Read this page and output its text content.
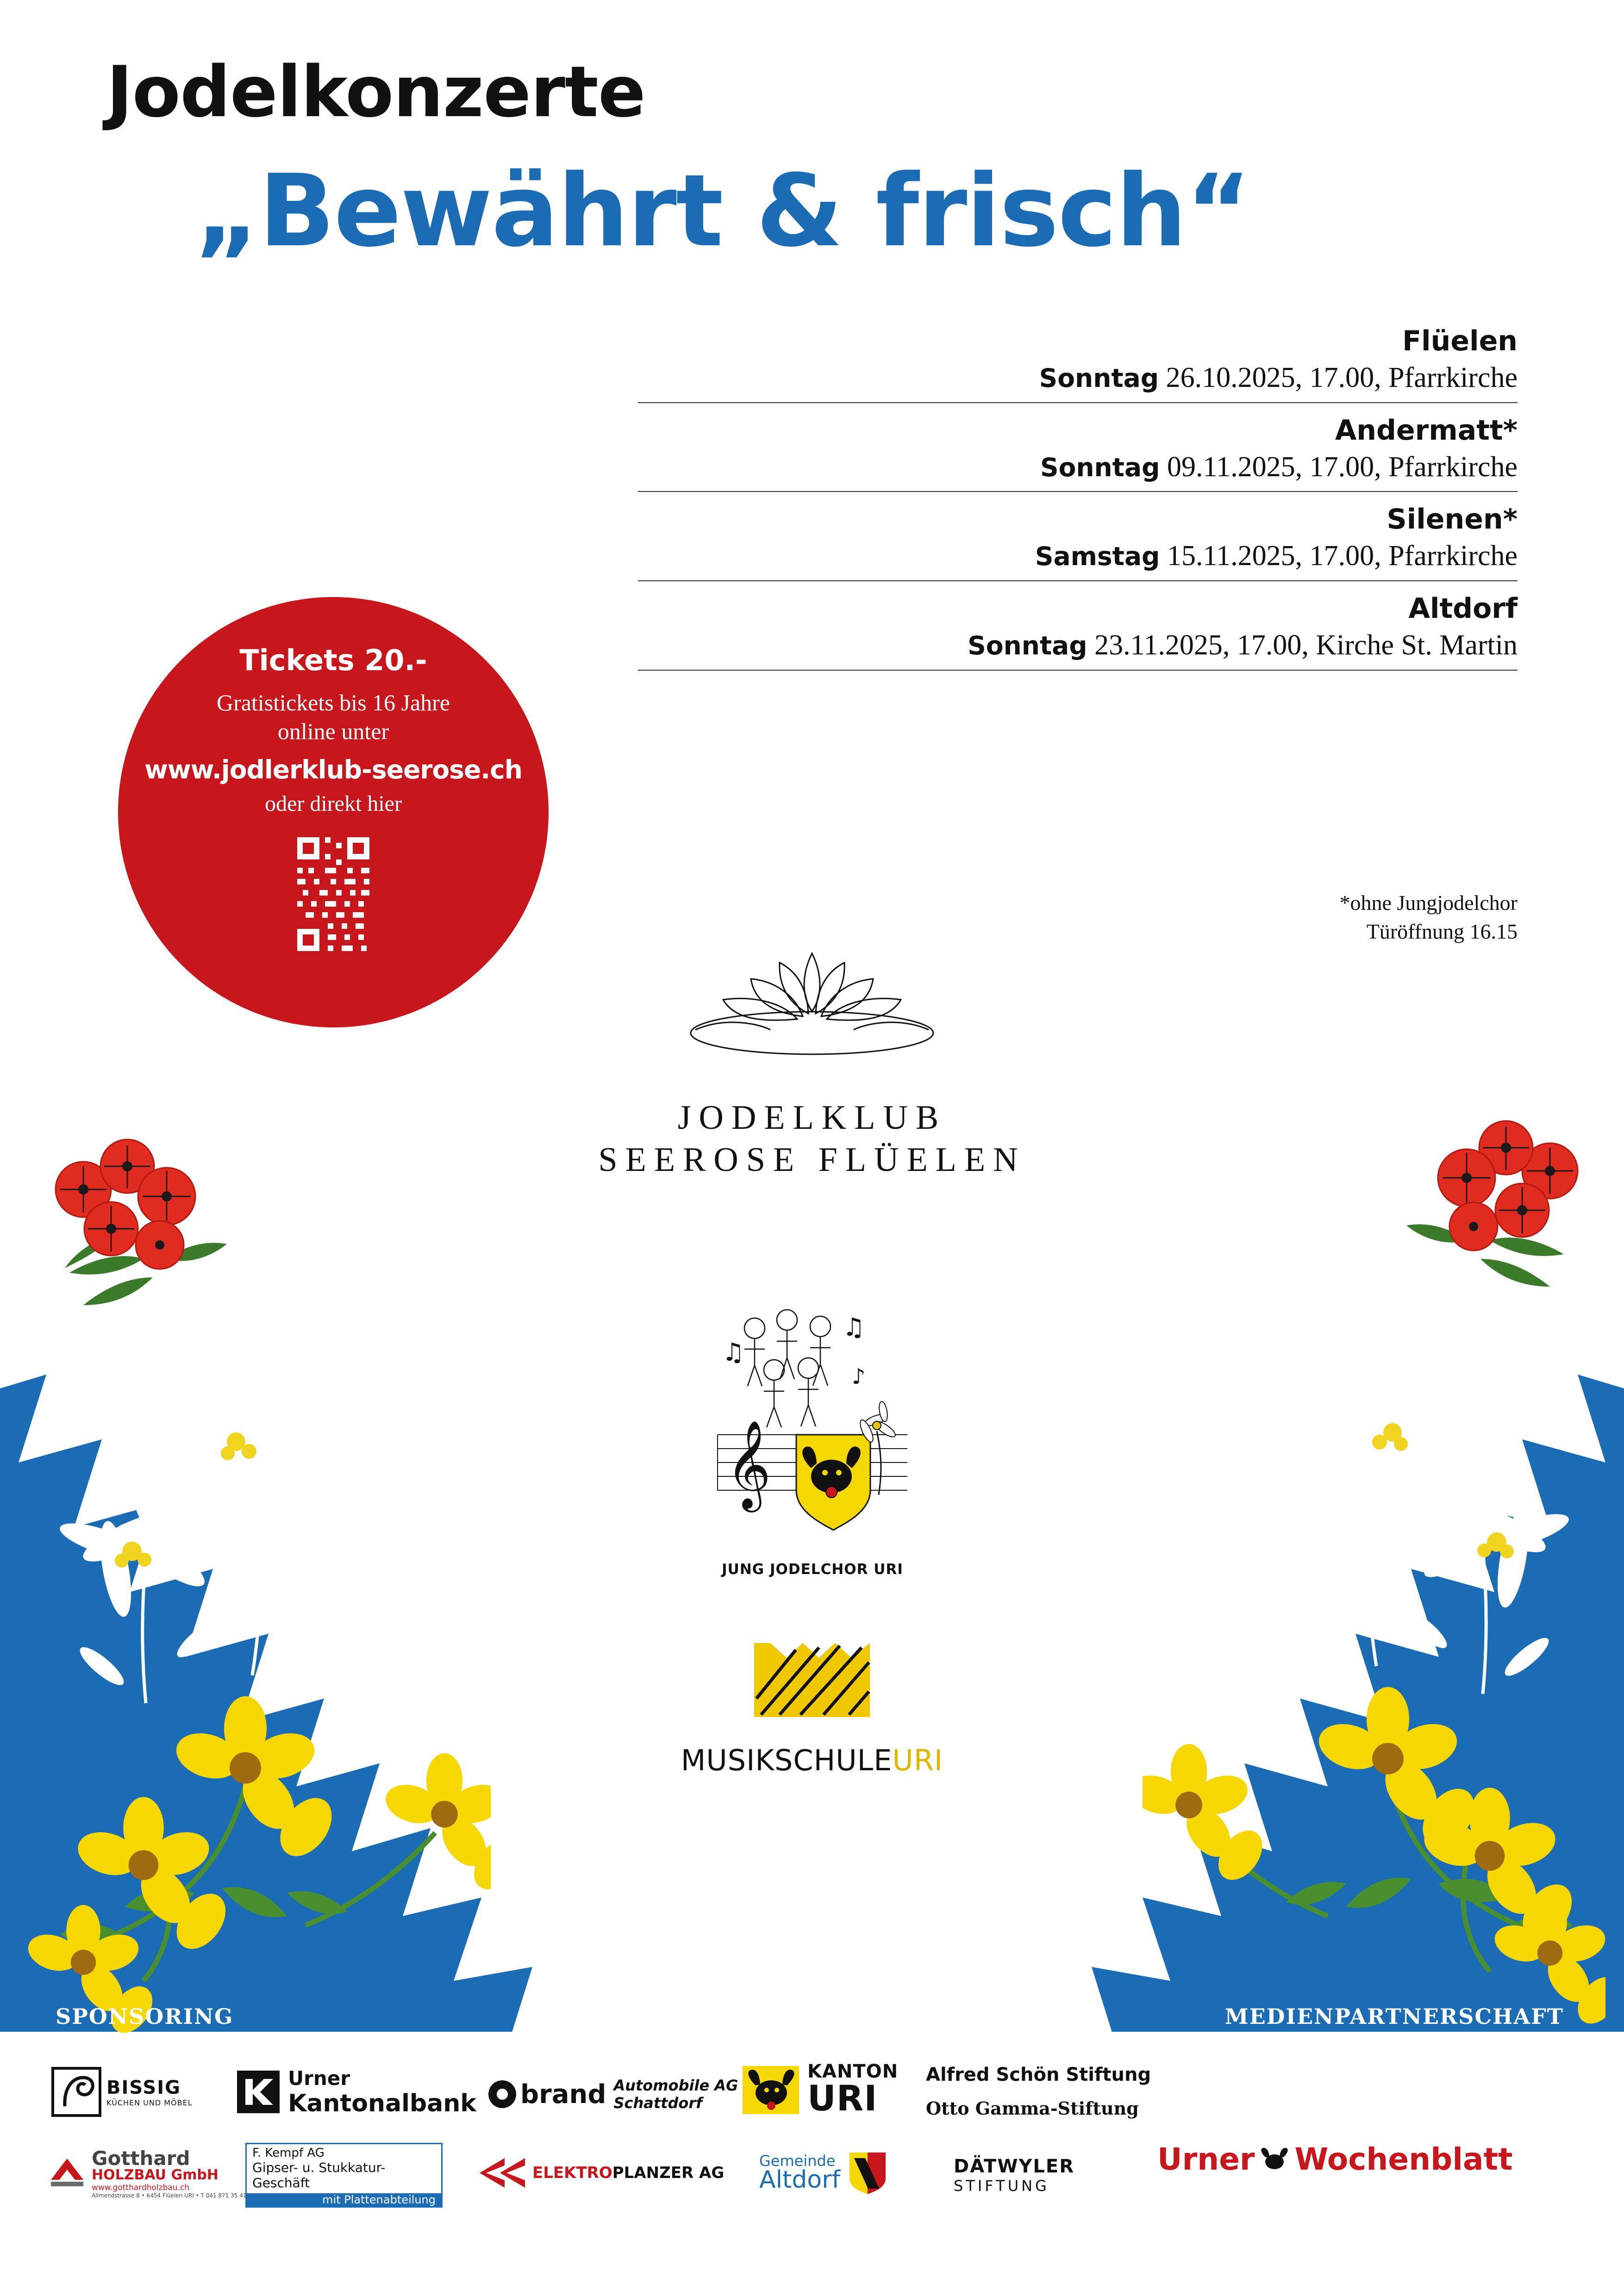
Jodelkonzerte
„Bewährt & frisch“
Flüelen
Sonntag 26.10.2025, 17.00, Pfarrkirche
Andermatt*
Sonntag 09.11.2025, 17.00, Pfarrkirche
Silenen*
Samstag 15.11.2025, 17.00, Pfarrkirche
Altdorf
Sonntag 23.11.2025, 17.00, Kirche St. Martin
*ohne Jungjodelchor
Türöffnung 16.15
Tickets 20.-
Gratistickets bis 16 Jahre
online unter
www.jodlerklub-seerose.ch
oder direkt hier
JODELKLUB
SEEROSE FLÜELEN
𝄞
♫
♫
♪
JUNG JODELCHOR URI
MUSIKSCHULEURI
SPONSORING	MEDIENPARTNERSCHAFT
BISSIG
KÜCHEN UND MÖBEL
Urner
Kantonalbank brand Automobile AG
Schattdorf
KANTON
URI
Alfred Schön Stiftung
Otto Gamma-Stiftung
Urner Wochenblatt
Gotthard
HOLZBAU GmbH
www.gotthardholzbau.ch
Allmendstrasse 8 • 6454 Flüelen URI • T 041 871 35 41
F. Kempf AG
Gipser- u. Stukkatur-Geschäft
mit Plattenabteilung
ELEKTROPLANZER AG
Gemeinde
Altdorf	DÄTWYLER
STIFTUNG
